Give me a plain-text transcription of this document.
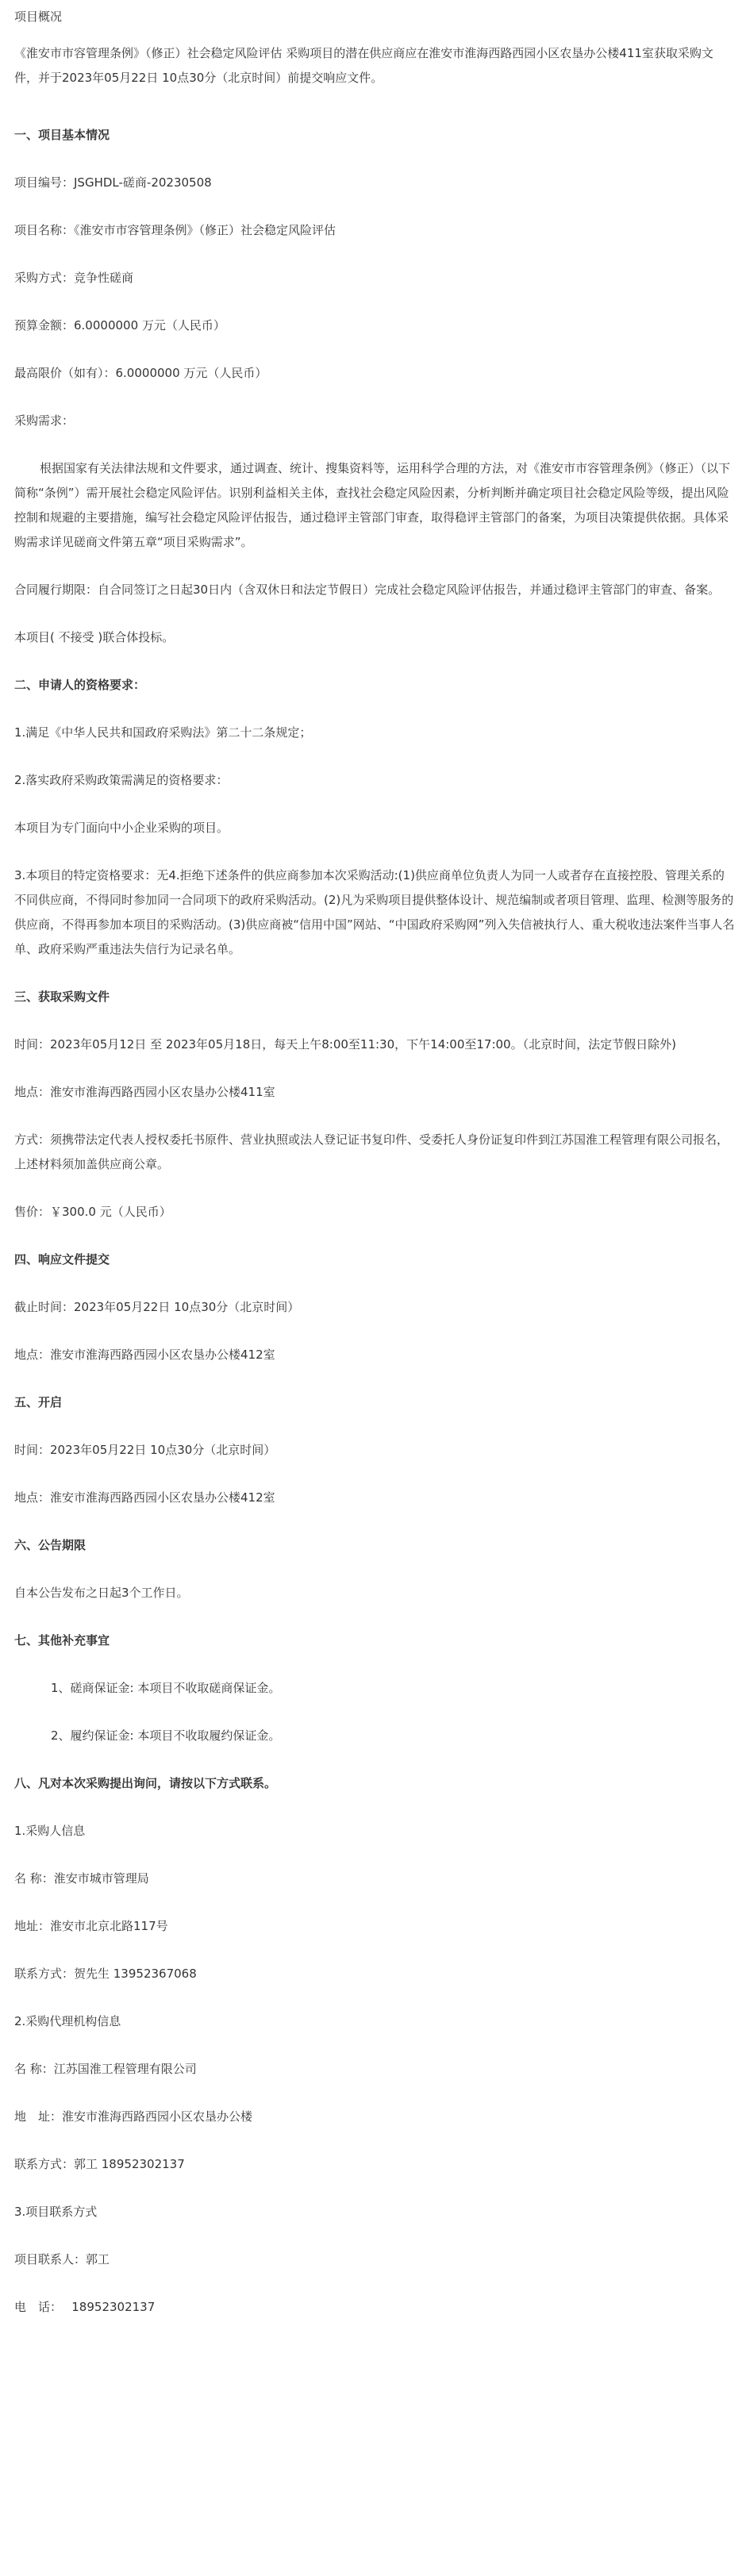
项目概况
《淮安市市容管理条例》（修正）社会稳定风险评估 采购项目的潜在供应商应在淮安市淮海西路西园小区农垦办公楼411室获取采购文件，并于2023年05月22日 10点30分（北京时间）前提交响应文件。
一、项目基本情况
项目编号：JSGHDL-磋商-20230508
项目名称：《淮安市市容管理条例》（修正）社会稳定风险评估
采购方式：竞争性磋商
预算金额：6.0000000 万元（人民币）
最高限价（如有）：6.0000000 万元（人民币）
采购需求：
根据国家有关法律法规和文件要求，通过调查、统计、搜集资料等，运用科学合理的方法，对《淮安市市容管理条例》（修正）（以下简称“条例”）需开展社会稳定风险评估。识别利益相关主体，查找社会稳定风险因素，分析判断并确定项目社会稳定风险等级，提出风险控制和规避的主要措施，编写社会稳定风险评估报告，通过稳评主管部门审查，取得稳评主管部门的备案，为项目决策提供依据。具体采购需求详见磋商文件第五章“项目采购需求”。
合同履行期限：自合同签订之日起30日内（含双休日和法定节假日）完成社会稳定风险评估报告，并通过稳评主管部门的审查、备案。
本项目( 不接受 )联合体投标。
二、申请人的资格要求：
1.满足《中华人民共和国政府采购法》第二十二条规定；
2.落实政府采购政策需满足的资格要求：
本项目为专门面向中小企业采购的项目。
3.本项目的特定资格要求：无4.拒绝下述条件的供应商参加本次采购活动:(1)供应商单位负责人为同一人或者存在直接控股、管理关系的不同供应商，不得同时参加同一合同项下的政府采购活动。(2)凡为采购项目提供整体设计、规范编制或者项目管理、监理、检测等服务的供应商，不得再参加本项目的采购活动。(3)供应商被“信用中国”网站、“中国政府采购网”列入失信被执行人、重大税收违法案件当事人名单、政府采购严重违法失信行为记录名单。
三、获取采购文件
时间：2023年05月12日 至 2023年05月18日，每天上午8:00至11:30，下午14:00至17:00。（北京时间，法定节假日除外)
地点：淮安市淮海西路西园小区农垦办公楼411室
方式：须携带法定代表人授权委托书原件、营业执照或法人登记证书复印件、受委托人身份证复印件到江苏国淮工程管理有限公司报名，上述材料须加盖供应商公章。
售价：￥300.0 元（人民币）
四、响应文件提交
截止时间：2023年05月22日 10点30分（北京时间）
地点：淮安市淮海西路西园小区农垦办公楼412室
五、开启
时间：2023年05月22日 10点30分（北京时间）
地点：淮安市淮海西路西园小区农垦办公楼412室
六、公告期限
自本公告发布之日起3个工作日。
七、其他补充事宜
1、磋商保证金: 本项目不收取磋商保证金。
2、履约保证金: 本项目不收取履约保证金。
八、凡对本次采购提出询问，请按以下方式联系。
1.采购人信息
名 称：淮安市城市管理局
地址：淮安市北京北路117号
联系方式：贺先生 13952367068
2.采购代理机构信息
名 称：江苏国淮工程管理有限公司
地　址：淮安市淮海西路西园小区农垦办公楼
联系方式：郭工 18952302137
3.项目联系方式
项目联系人：郭工
电　话：　 18952302137
